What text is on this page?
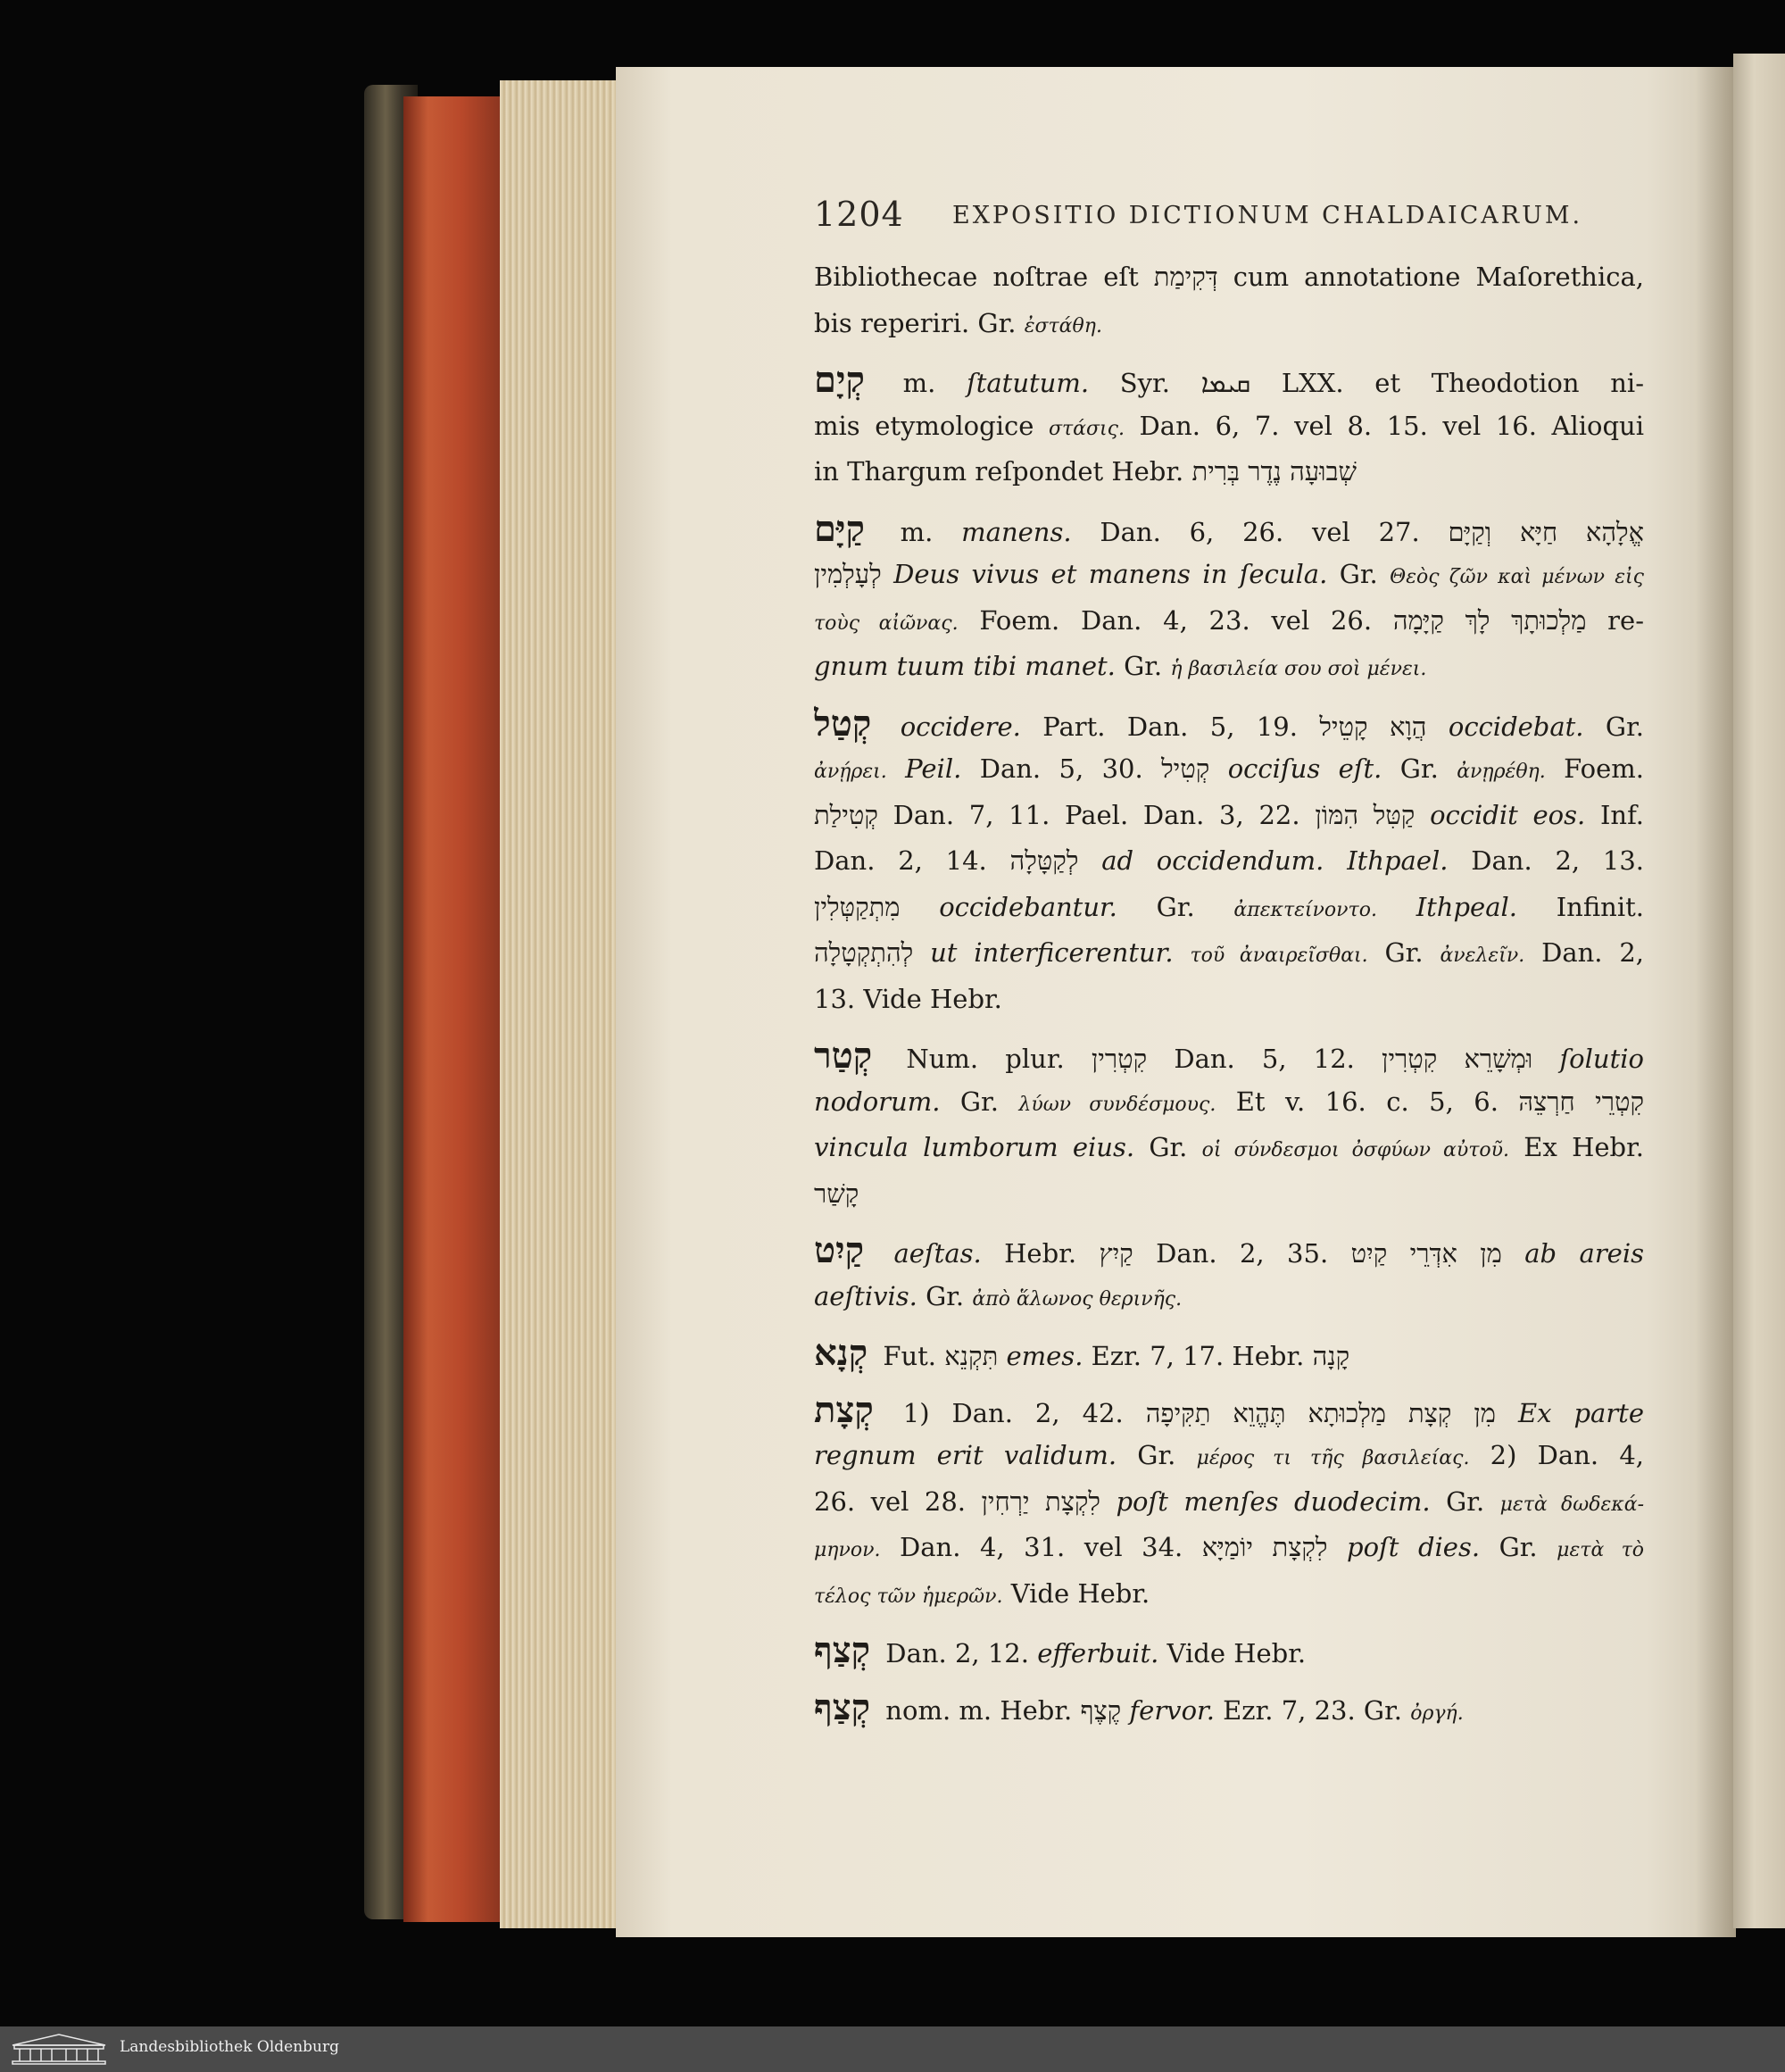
1204 EXPOSITIO DICTIONUM CHALDAICARUM.
Bibliothecae noſtrae eſt דְּקִימַת cum annotatione Maſorethica,
bis reperiri. Gr. ἐστάθη.
קְיָם m. ſtatutum. Syr. ܩܝܡܐ LXX. et Theodotion ni-
mis etymologice στάσις. Dan. 6, 7. vel 8. 15. vel 16. Alioqui
in Thargum reſpondet Hebr. שְׁבוּעָה נֶדֶר בְּרִית
קַיָּם m. manens. Dan. 6, 26. vel 27. אֱלָהָא חַיָּא וְקַיָּם
לְעָלְמִין Deus vivus et manens in ſecula. Gr. Θεὸς ζῶν καὶ μένων εἰς
τοὺς αἰῶνας. Foem. Dan. 4, 23. vel 26. מַלְכוּתָךְ לָךְ קַיָּמָה re-
gnum tuum tibi manet. Gr. ἡ βασιλεία σου σοὶ μένει.
קְטַל occidere. Part. Dan. 5, 19. הֲוָא קָטֵיל occidebat. Gr.
ἀνῄρει. Peil. Dan. 5, 30. קְטִיל occiſus eſt. Gr. ἀνῃρέθη. Foem.
קְטִילַת Dan. 7, 11. Pael. Dan. 3, 22. קַטִּל הִמּוֹן occidit eos. Inf.
Dan. 2, 14. לְקַטָּלָה ad occidendum. Ithpael. Dan. 2, 13.
מִתְקַטְּלִין occidebantur. Gr. ἀπεκτείνοντο. Ithpeal. Infinit.
לְהִתְקְטָלָה ut interficerentur. τοῦ ἀναιρεῖσθαι. Gr. ἀνελεῖν. Dan. 2,
13. Vide Hebr.
קְטַר Num. plur. קִטְרִין Dan. 5, 12. וּמְשָׁרֵא קִטְרִין ſolutio
nodorum. Gr. λύων συνδέσμους. Et v. 16. c. 5, 6. קִטְרֵי חַרְצֵהּ
vincula lumborum eius. Gr. οἱ σύνδεσμοι ὀσφύων αὐτοῦ. Ex Hebr.
קָשַׁר
קַיִט aeſtas. Hebr. קַיִץ Dan. 2, 35. מִן אִדְּרֵי קַיִט ab areis
aeſtivis. Gr. ἀπὸ ἅλωνος θερινῆς.
קְנָא Fut. תִּקְנֵא emes. Ezr. 7, 17. Hebr. קָנָה
קְצָת 1) Dan. 2, 42. מִן קְצָת מַלְכוּתָא תֶּהֱוֵא תַקִּיפָה Ex parte
regnum erit validum. Gr. μέρος τι τῆς βασιλείας. 2) Dan. 4,
26. vel 28. לִקְצָת יַרְחִין poſt menſes duodecim. Gr. μετὰ δωδεκά-
μηνον. Dan. 4, 31. vel 34. לִקְצָת יוֹמַיָּא poſt dies. Gr. μετὰ τὸ
τέλος τῶν ἡμερῶν. Vide Hebr.
קְצַף Dan. 2, 12. efferbuit. Vide Hebr.
קְצַף nom. m. Hebr. קֶצֶף fervor. Ezr. 7, 23. Gr. ὀργή.
Landesbibliothek Oldenburg
